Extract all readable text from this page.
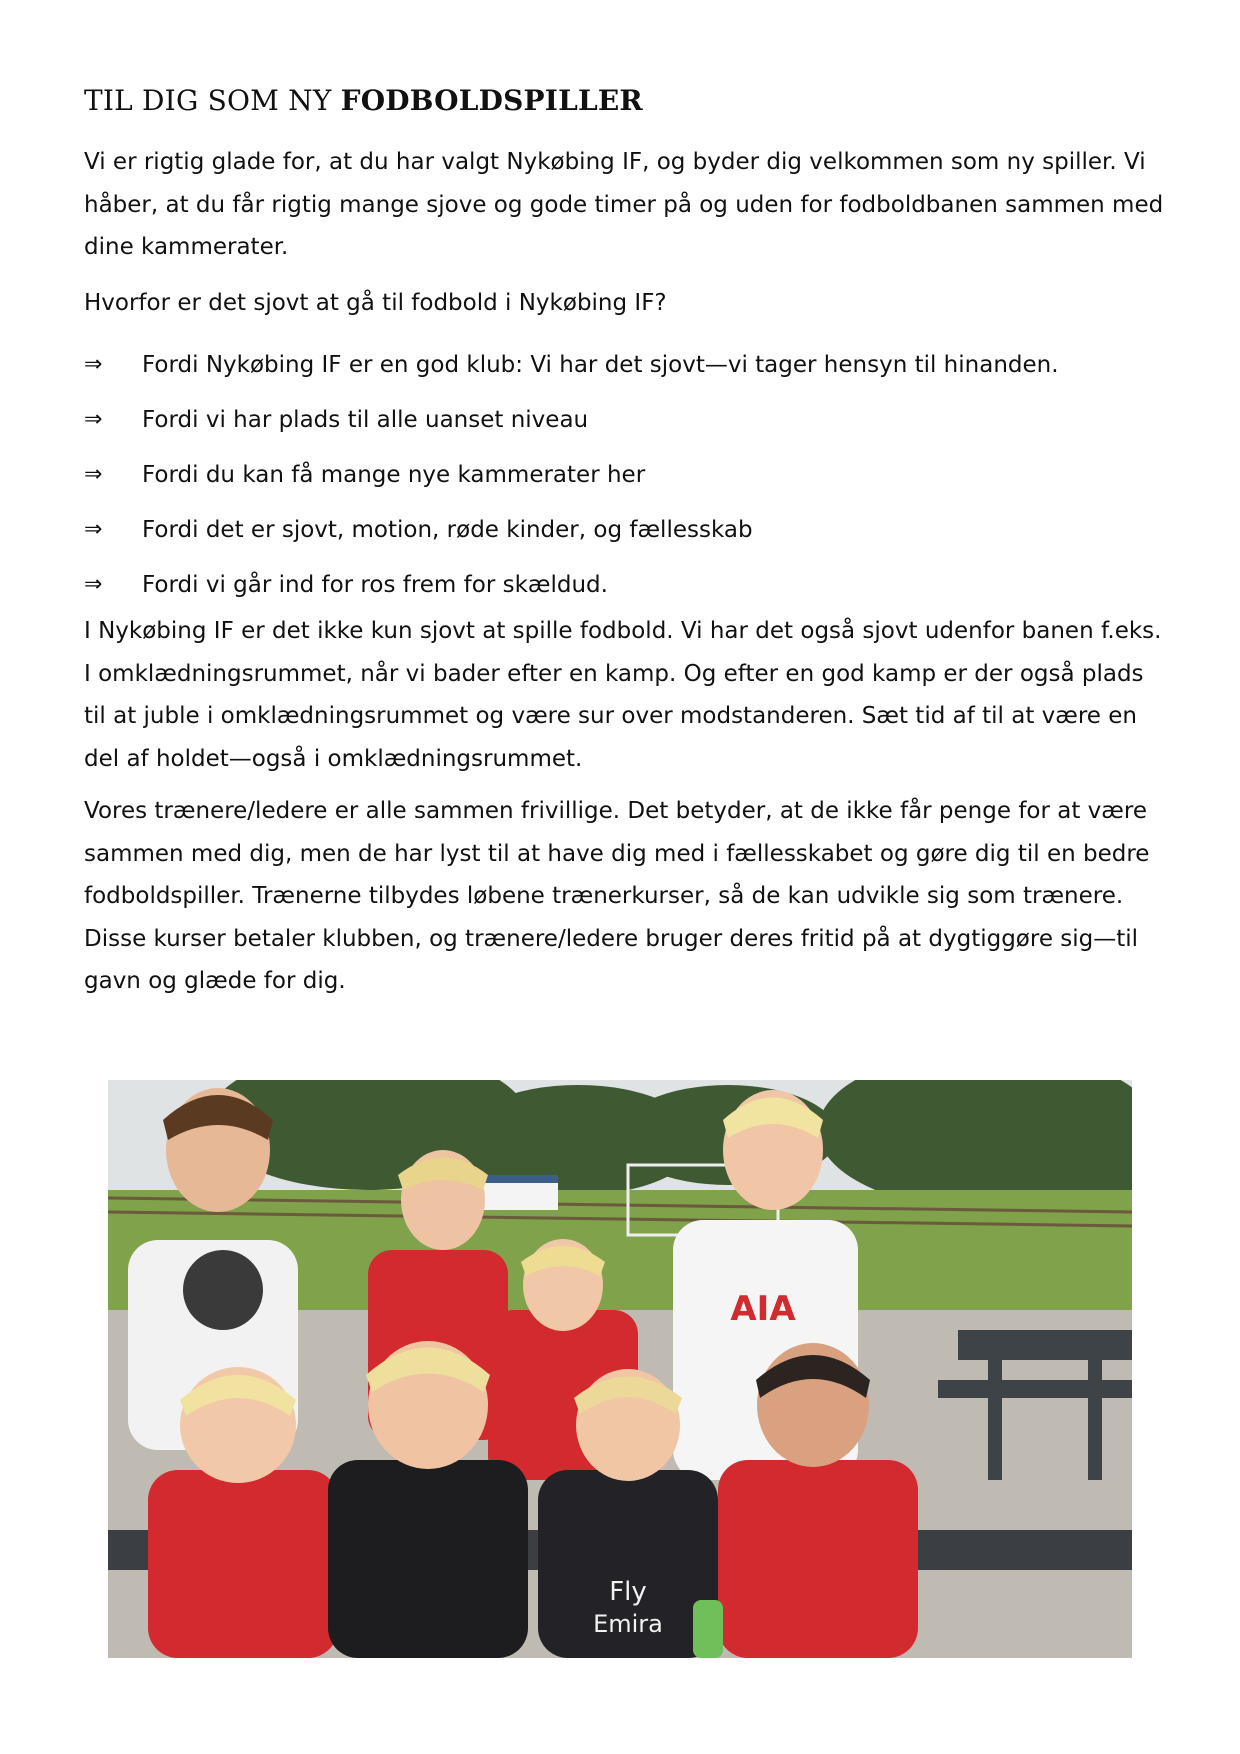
TIL DIG SOM NY FODBOLDSPILLER

Vi er rigtig glade for, at du har valgt Nykøbing IF, og byder dig velkommen som ny spiller. Vi håber, at du får rigtig mange sjove og gode timer på og uden for fodboldbanen sammen med dine kammerater.

Hvorfor er det sjovt at gå til fodbold i Nykøbing IF?

⇒	Fordi Nykøbing IF er en god klub: Vi har det sjovt—vi tager hensyn til hinanden.
⇒	Fordi vi har plads til alle uanset niveau
⇒	Fordi du kan få mange nye kammerater her
⇒	Fordi det er sjovt, motion, røde kinder, og fællesskab
⇒	Fordi vi går ind for ros frem for skældud.

I Nykøbing IF er det ikke kun sjovt at spille fodbold. Vi har det også sjovt udenfor banen f.eks. I omklædningsrummet, når vi bader efter en kamp. Og efter en god kamp er der også plads til at juble i omklædningsrummet og være sur over modstanderen. Sæt tid af til at være en del af holdet—også i omklædningsrummet.

Vores trænere/ledere er alle sammen frivillige. Det betyder, at de ikke får penge for at være sammen med dig, men de har lyst til at have dig med i fællesskabet og gøre dig til en bedre fodboldspiller. Trænerne tilbydes løbene trænerkurser, så de kan udvikle sig som trænere. Disse kurser betaler klubben, og trænere/ledere bruger deres fritid på at dygtiggøre sig—til gavn og glæde for dig.

AIA
Fly
Emira
